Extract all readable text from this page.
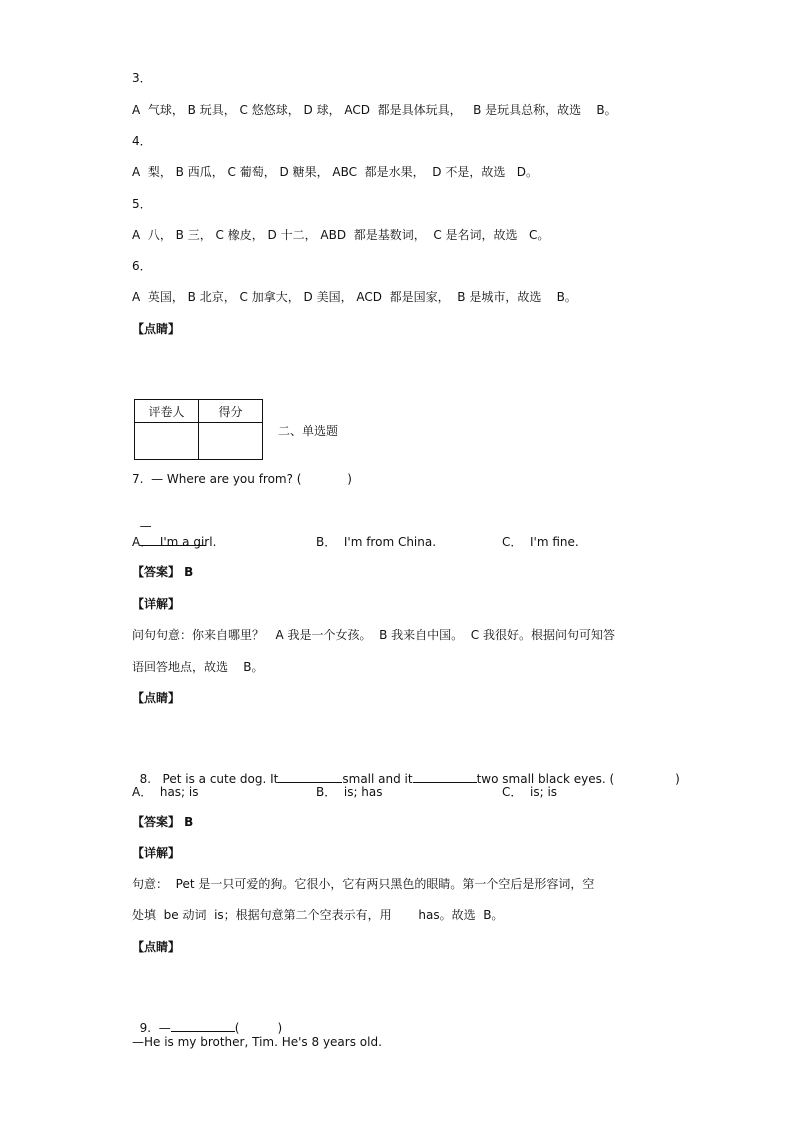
3．
A  气球， B 玩具， C 悠悠球， D 球， ACD  都是具体玩具，   B 是玩具总称，故选    B。
4．
A  梨， B 西瓜， C 葡萄， D 糖果， ABC  都是水果，  D 不是，故选   D。
5．
A  八， B 三， C 橡皮， D 十二， ABD  都是基数词，  C 是名词，故选   C。
6．
A  英国， B 北京， C 加拿大， D 美国， ACD  都是国家，  B 是城市，故选    B。
【点睛】
评卷人	得分

二、单选题
7.  — Where are you from? (            )

—

A．  I'm a girl.	B．  I'm from China.	C．  I'm fine.
【答案】 B
【详解】
问句句意：你来自哪里？   A 我是一个女孩。  B 我来自中国。  C 我很好。根据问句可知答
语回答地点，故选    B。
【点睛】

8.   Pet is a cute dog. It	small and it	two small black eyes. (                )

A．  has; is	B．  is; has	C．  is; is
【答案】 B
【详解】
句意：  Pet 是一只可爱的狗。它很小，它有两只黑色的眼睛。第一个空后是形容词，空
处填  be 动词  is；根据句意第二个空表示有，用       has。故选  B。
【点睛】

9.  —	(          )

—He is my brother, Tim. He's 8 years old.
